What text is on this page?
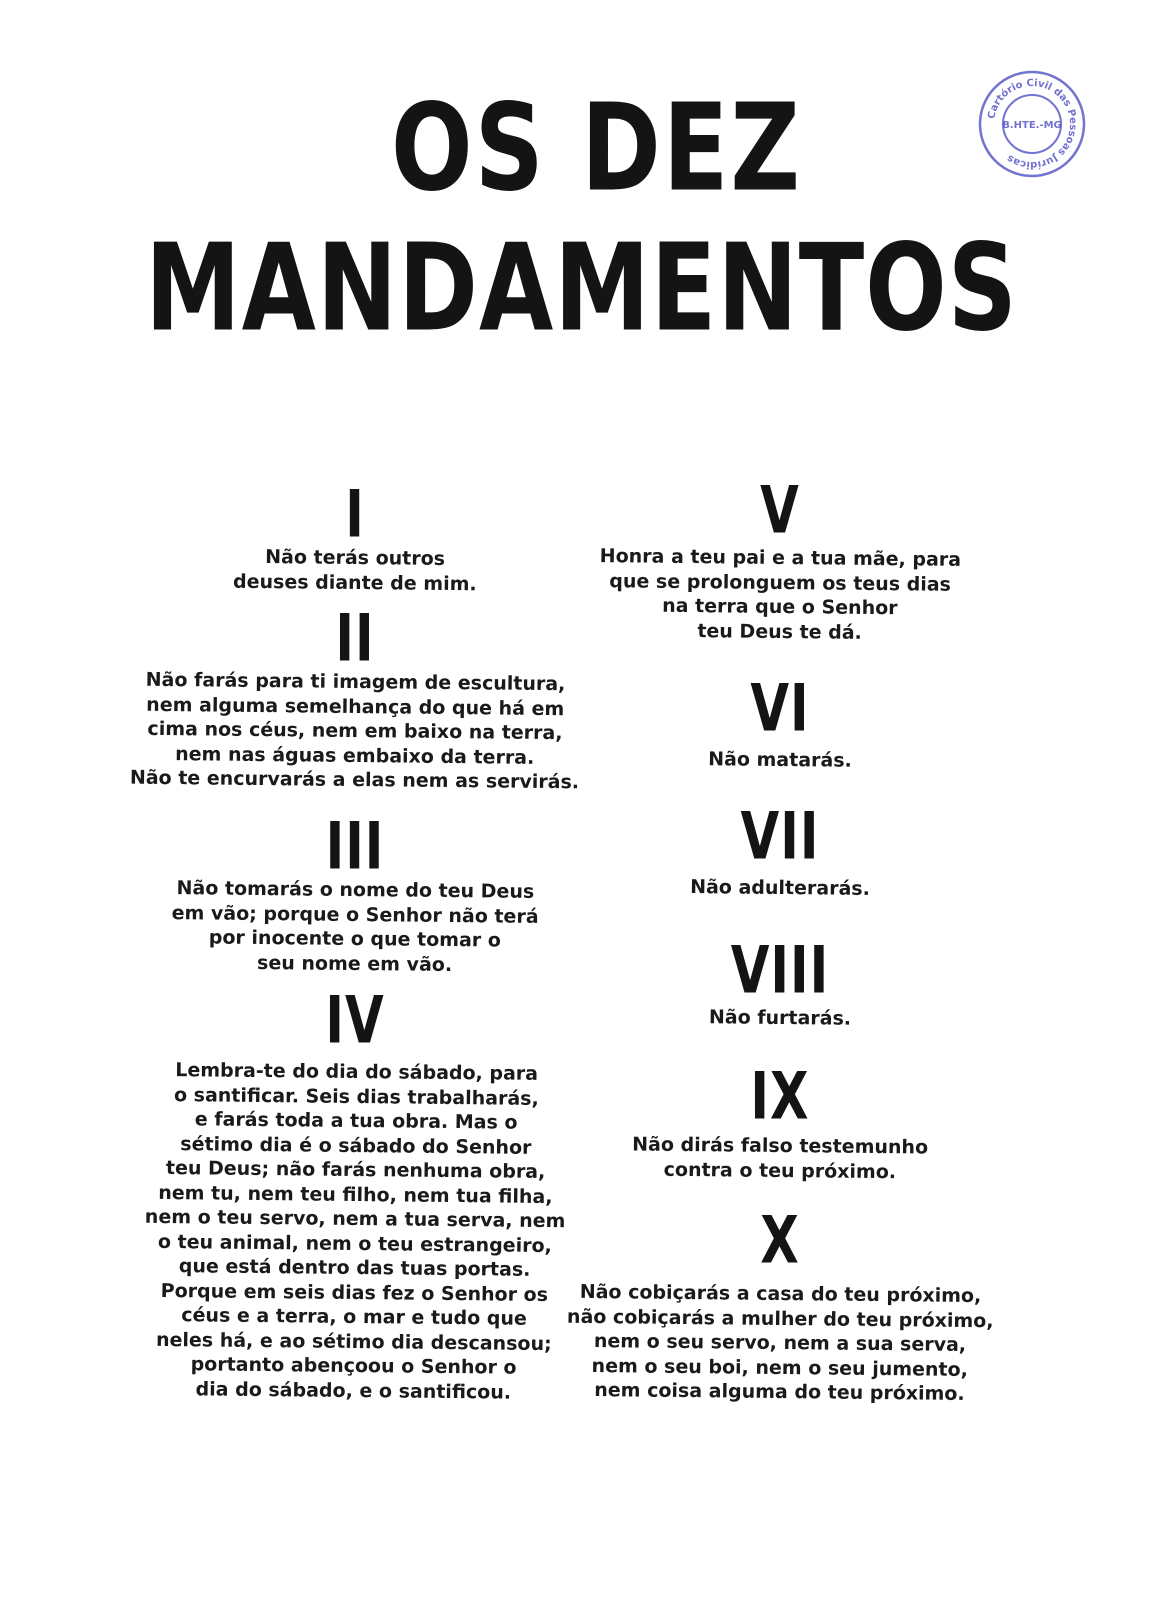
OS DEZ
MANDAMENTOS
Cartório Civil das Pessoas Jurídicas
B.HTE.-MG
I
Não terás outros
deuses diante de mim.
II
Não farás para ti imagem de escultura,
nem alguma semelhança do que há em
cima nos céus, nem em baixo na terra,
nem nas águas embaixo da terra.
Não te encurvarás a elas nem as servirás.
III
Não tomarás o nome do teu Deus
em vão; porque o Senhor não terá
por inocente o que tomar o
seu nome em vão.
IV
Lembra-te do dia do sábado, para
o santificar. Seis dias trabalharás,
e farás toda a tua obra. Mas o
sétimo dia é o sábado do Senhor
teu Deus; não farás nenhuma obra,
nem tu, nem teu filho, nem tua filha,
nem o teu servo, nem a tua serva, nem
o teu animal, nem o teu estrangeiro,
que está dentro das tuas portas.
Porque em seis dias fez o Senhor os
céus e a terra, o mar e tudo que
neles há, e ao sétimo dia descansou;
portanto abençoou o Senhor o
dia do sábado, e o santificou.
V
Honra a teu pai e a tua mãe, para
que se prolonguem os teus dias
na terra que o Senhor
teu Deus te dá.
VI
Não matarás.
VII
Não adulterarás.
VIII
Não furtarás.
IX
Não dirás falso testemunho
contra o teu próximo.
X
Não cobiçarás a casa do teu próximo,
não cobiçarás a mulher do teu próximo,
nem o seu servo, nem a sua serva,
nem o seu boi, nem o seu jumento,
nem coisa alguma do teu próximo.
